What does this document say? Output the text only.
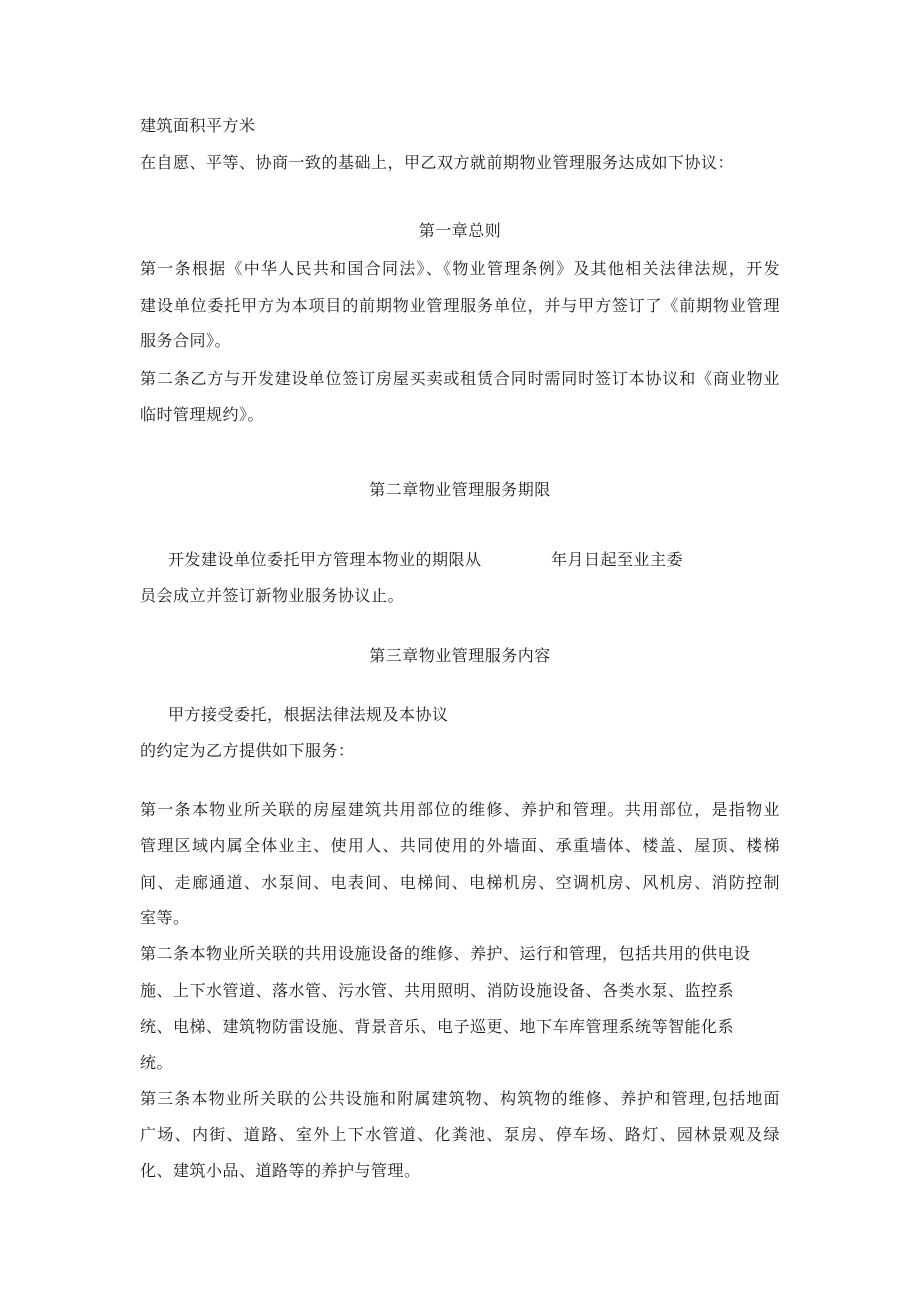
建筑面积平方米

在自愿、平等、协商一致的基础上，甲乙双方就前期物业管理服务达成如下协议：

第一章总则

第一条根据《中华人民共和国合同法》、《物业管理条例》及其他相关法律法规，开发

建设单位委托甲方为本项目的前期物业管理服务单位，并与甲方签订了《前期物业管理

服务合同》。

第二条乙方与开发建设单位签订房屋买卖或租赁合同时需同时签订本协议和《商业物业

临时管理规约》。

第二章物业管理服务期限

开发建设单位委托甲方管理本物业的期限从	年月日起至业主委

员会成立并签订新物业服务协议止。

第三章物业管理服务内容

甲方接受委托，根据法律法规及本协议

的约定为乙方提供如下服务：

第一条本物业所关联的房屋建筑共用部位的维修、养护和管理。共用部位，是指物业

管理区域内属全体业主、使用人、共同使用的外墙面、承重墙体、楼盖、屋顶、楼梯

间、走廊通道、水泵间、电表间、电梯间、电梯机房、空调机房、风机房、消防控制

室等。

第二条本物业所关联的共用设施设备的维修、养护、运行和管理，包括共用的供电设

施、上下水管道、落水管、污水管、共用照明、消防设施设备、各类水泵、监控系

统、电梯、建筑物防雷设施、背景音乐、电子巡更、地下车库管理系统等智能化系

统。

第三条本物业所关联的公共设施和附属建筑物、构筑物的维修、养护和管理,包括地面

广场、内街、道路、室外上下水管道、化粪池、泵房、停车场、路灯、园林景观及绿

化、建筑小品、道路等的养护与管理。
